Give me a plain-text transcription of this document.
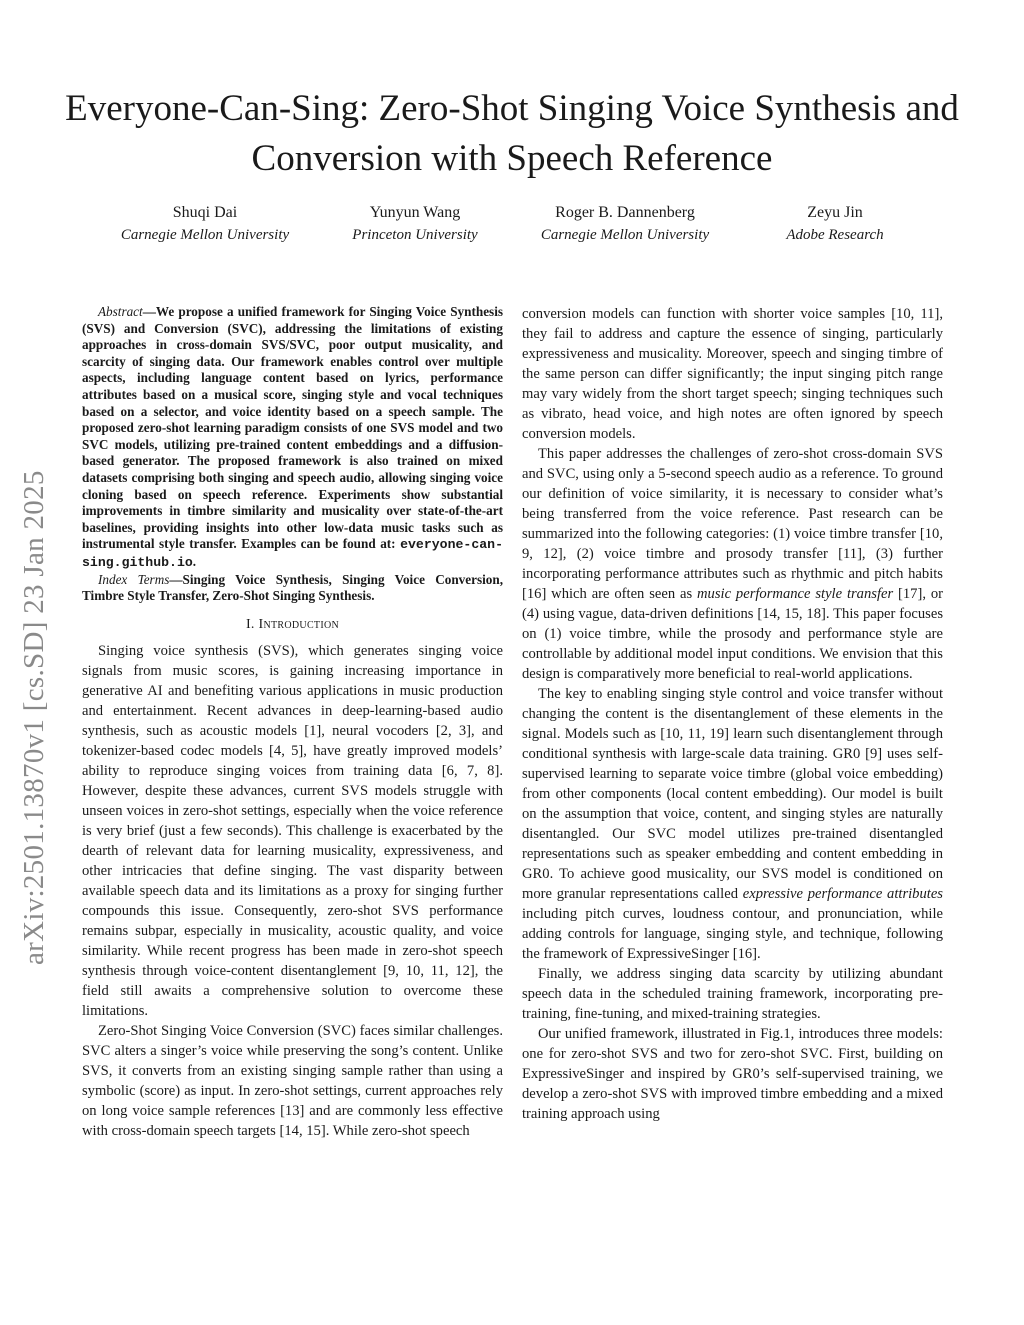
arXiv:2501.13870v1 [cs.SD] 23 Jan 2025
Everyone-Can-Sing: Zero-Shot Singing Voice Synthesis and Conversion with Speech Reference
Shuqi Dai
Carnegie Mellon University
Yunyun Wang
Princeton University
Roger B. Dannenberg
Carnegie Mellon University
Zeyu Jin
Adobe Research

Abstract—We propose a unified framework for Singing Voice Synthesis (SVS) and Conversion (SVC), addressing the limitations of existing approaches in cross-domain SVS/SVC, poor output musicality, and scarcity of singing data. Our framework enables control over multiple aspects, including language content based on lyrics, performance attributes based on a musical score, singing style and vocal techniques based on a selector, and voice identity based on a speech sample. The proposed zero-shot learning paradigm consists of one SVS model and two SVC models, utilizing pre-trained content embeddings and a diffusion-based generator. The proposed framework is also trained on mixed datasets comprising both singing and speech audio, allowing singing voice cloning based on speech reference. Experiments show substantial improvements in timbre similarity and musicality over state-of-the-art baselines, providing insights into other low-data music tasks such as instrumental style transfer. Examples can be found at: everyone-can-sing.github.io.

Index Terms—Singing Voice Synthesis, Singing Voice Conversion, Timbre Style Transfer, Zero-Shot Singing Synthesis.

I. Introduction

Singing voice synthesis (SVS), which generates singing voice signals from music scores, is gaining increasing importance in generative AI and benefiting various applications in music production and entertainment. Recent advances in deep-learning-based audio synthesis, such as acoustic models [1], neural vocoders [2, 3], and tokenizer-based codec models [4, 5], have greatly improved models’ ability to reproduce singing voices from training data [6, 7, 8]. However, despite these advances, current SVS models struggle with unseen voices in zero-shot settings, especially when the voice reference is very brief (just a few seconds). This challenge is exacerbated by the dearth of relevant data for learning musicality, expressiveness, and other intricacies that define singing. The vast disparity between available speech data and its limitations as a proxy for singing further compounds this issue. Consequently, zero-shot SVS performance remains subpar, especially in musicality, acoustic quality, and voice similarity. While recent progress has been made in zero-shot speech synthesis through voice-content disentanglement [9, 10, 11, 12], the field still awaits a comprehensive solution to overcome these limitations.

Zero-Shot Singing Voice Conversion (SVC) faces similar challenges. SVC alters a singer’s voice while preserving the song’s content. Unlike SVS, it converts from an existing singing sample rather than using a symbolic (score) as input. In zero-shot settings, current approaches rely on long voice sample references [13] and are commonly less effective with cross-domain speech targets [14, 15]. While zero-shot speech

conversion models can function with shorter voice samples [10, 11], they fail to address and capture the essence of singing, particularly expressiveness and musicality. Moreover, speech and singing timbre of the same person can differ significantly; the input singing pitch range may vary widely from the short target speech; singing techniques such as vibrato, head voice, and high notes are often ignored by speech conversion models.

This paper addresses the challenges of zero-shot cross-domain SVS and SVC, using only a 5-second speech audio as a reference. To ground our definition of voice similarity, it is necessary to consider what’s being transferred from the voice reference. Past research can be summarized into the following categories: (1) voice timbre transfer [10, 9, 12], (2) voice timbre and prosody transfer [11], (3) further incorporating performance attributes such as rhythmic and pitch habits [16] which are often seen as music performance style transfer [17], or (4) using vague, data-driven definitions [14, 15, 18]. This paper focuses on (1) voice timbre, while the prosody and performance style are controllable by additional model input conditions. We envision that this design is comparatively more beneficial to real-world applications.

The key to enabling singing style control and voice transfer without changing the content is the disentanglement of these elements in the signal. Models such as [10, 11, 19] learn such disentanglement through conditional synthesis with large-scale data training. GR0 [9] uses self-supervised learning to separate voice timbre (global voice embedding) from other components (local content embedding). Our model is built on the assumption that voice, content, and singing styles are naturally disentangled. Our SVC model utilizes pre-trained disentangled representations such as speaker embedding and content embedding in GR0. To achieve good musicality, our SVS model is conditioned on more granular representations called expressive performance attributes including pitch curves, loudness contour, and pronunciation, while adding controls for language, singing style, and technique, following the framework of ExpressiveSinger [16].

Finally, we address singing data scarcity by utilizing abundant speech data in the scheduled training framework, incorporating pre-training, fine-tuning, and mixed-training strategies.

Our unified framework, illustrated in Fig.1, introduces three models: one for zero-shot SVS and two for zero-shot SVC. First, building on ExpressiveSinger and inspired by GR0’s self-supervised training, we develop a zero-shot SVS with improved timbre embedding and a mixed training approach using
